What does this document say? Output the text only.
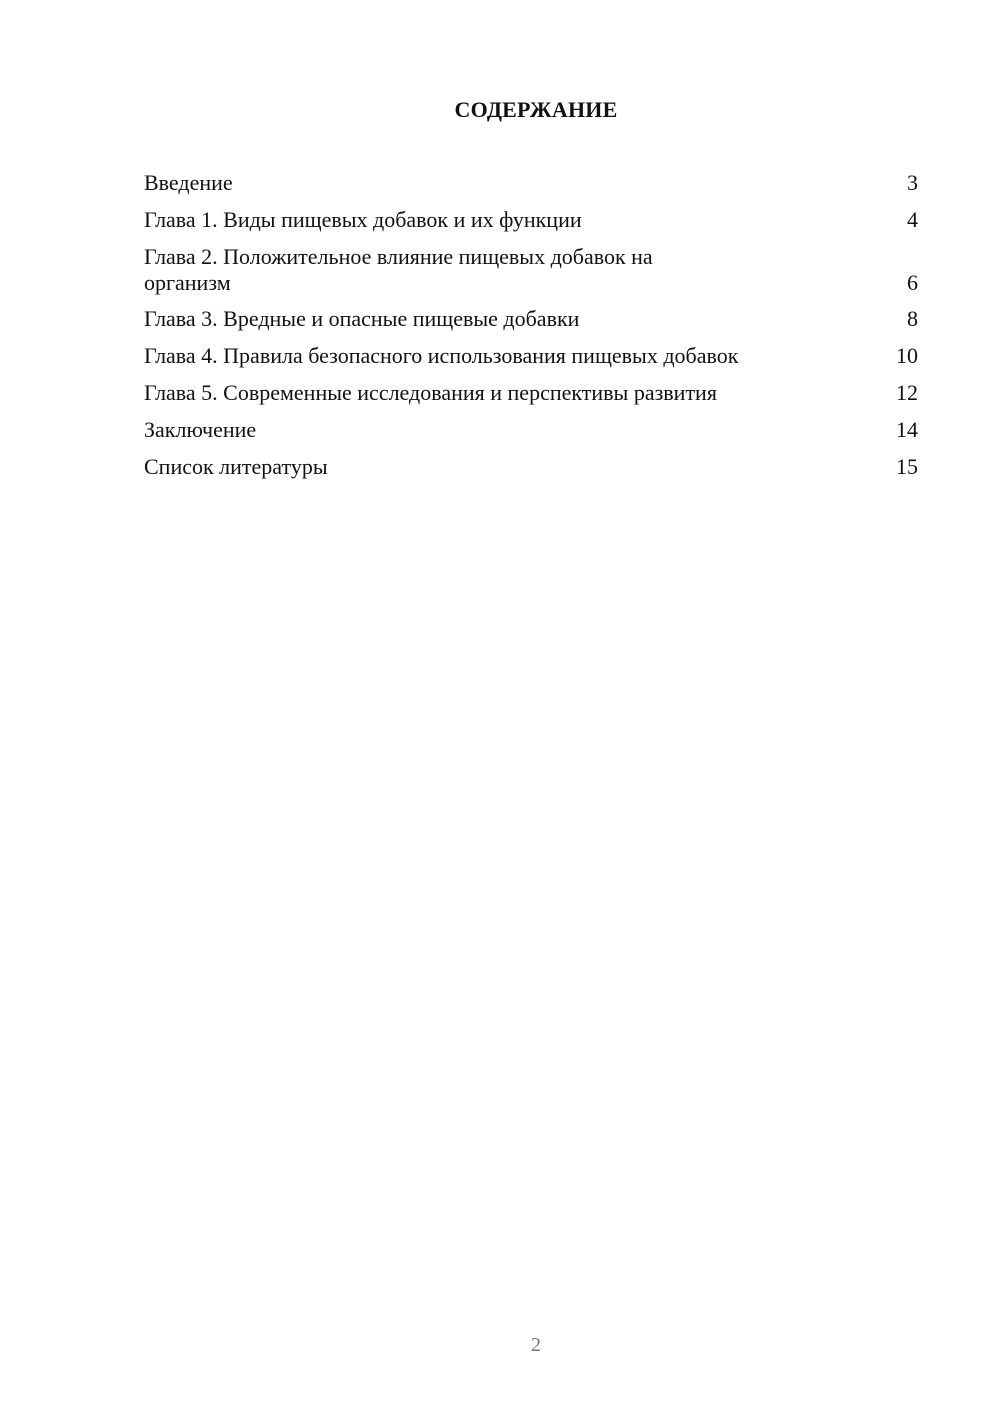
СОДЕРЖАНИЕ
Введение	3
Глава 1. Виды пищевых добавок и их функции	4
Глава 2. Положительное влияние пищевых добавок на организм	6
Глава 3. Вредные и опасные пищевые добавки	8
Глава 4. Правила безопасного использования пищевых добавок	10
Глава 5. Современные исследования и перспективы развития	12
Заключение	14
Список литературы	15
2
